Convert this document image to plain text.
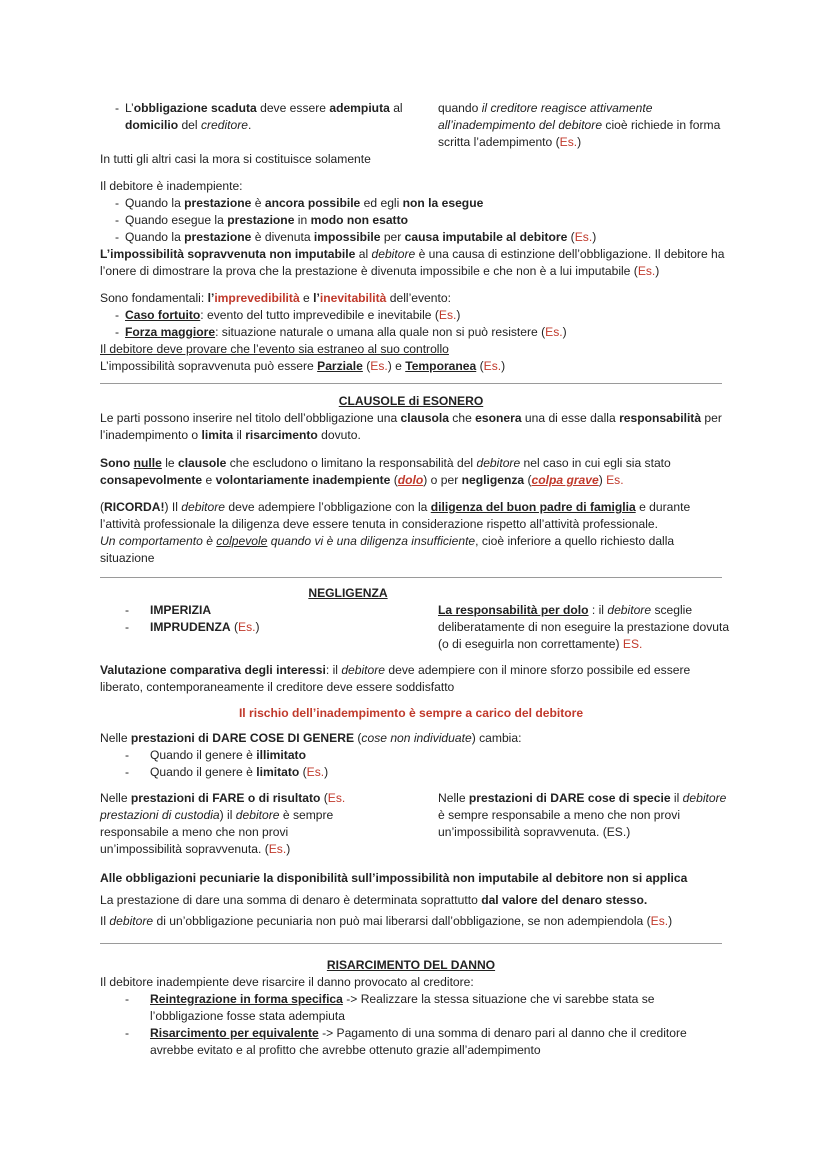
- L’obbligazione scaduta deve essere adempiuta al domicilio del creditore.

quando il creditore reagisce attivamente all’inadempimento del debitore cioè richiede in forma scritta l’adempimento (Es.)

In tutti gli altri casi la mora si costituisce solamente

Il debitore è inadempiente:

- Quando la prestazione è ancora possibile ed egli non la esegue
- Quando esegue la prestazione in modo non esatto
- Quando la prestazione è divenuta impossibile per causa imputabile al debitore (Es.)

L’impossibilità sopravvenuta non imputabile al debitore è una causa di estinzione dell’obbligazione. Il debitore ha l’onere di dimostrare la prova che la prestazione è divenuta impossibile e che non è a lui imputabile (Es.)

Sono fondamentali: l’imprevedibilità e l’inevitabilità dell’evento:

- Caso fortuito: evento del tutto imprevedibile e inevitabile (Es.)
- Forza maggiore: situazione naturale o umana alla quale non si può resistere (Es.)

Il debitore deve provare che l’evento sia estraneo al suo controllo

L’impossibilità sopravvenuta può essere Parziale (Es.) e Temporanea (Es.)

CLAUSOLE di ESONERO

Le parti possono inserire nel titolo dell’obbligazione una clausola che esonera una di esse dalla responsabilità per l’inadempimento o limita il risarcimento dovuto.

Sono nulle le clausole che escludono o limitano la responsabilità del debitore nel caso in cui egli sia stato consapevolmente e volontariamente inadempiente (dolo) o per negligenza (colpa grave) Es.

(RICORDA!) Il debitore deve adempiere l’obbligazione con la diligenza del buon padre di famiglia e durante l’attività professionale la diligenza deve essere tenuta in considerazione rispetto all’attività professionale.

Un comportamento è colpevole quando vi è una diligenza insufficiente, cioè inferiore a quello richiesto dalla situazione

NEGLIGENZA

- IMPERIZIA
- IMPRUDENZA (Es.)

La responsabilità per dolo : il debitore sceglie deliberatamente di non eseguire la prestazione dovuta (o di eseguirla non correttamente) ES.

Valutazione comparativa degli interessi: il debitore deve adempiere con il minore sforzo possibile ed essere liberato, contemporaneamente il creditore deve essere soddisfatto

Il rischio dell’inadempimento è sempre a carico del debitore

Nelle prestazioni di DARE COSE DI GENERE (cose non individuate) cambia:

- Quando il genere è illimitato
- Quando il genere è limitato (Es.)

Nelle prestazioni di FARE o di risultato (Es. prestazioni di custodia) il debitore è sempre responsabile a meno che non provi un’impossibilità sopravvenuta. (Es.)

Nelle prestazioni di DARE cose di specie il debitore è sempre responsabile a meno che non provi un’impossibilità sopravvenuta. (ES.)

Alle obbligazioni pecuniarie la disponibilità sull’impossibilità non imputabile al debitore non si applica

La prestazione di dare una somma di denaro è determinata soprattutto dal valore del denaro stesso.

Il debitore di un’obbligazione pecuniaria non può mai liberarsi dall’obbligazione, se non adempiendola (Es.)

RISARCIMENTO DEL DANNO

Il debitore inadempiente deve risarcire il danno provocato al creditore:

- Reintegrazione in forma specifica -> Realizzare la stessa situazione che vi sarebbe stata se l’obbligazione fosse stata adempiuta
- Risarcimento per equivalente -> Pagamento di una somma di denaro pari al danno che il creditore avrebbe evitato e al profitto che avrebbe ottenuto grazie all’adempimento
